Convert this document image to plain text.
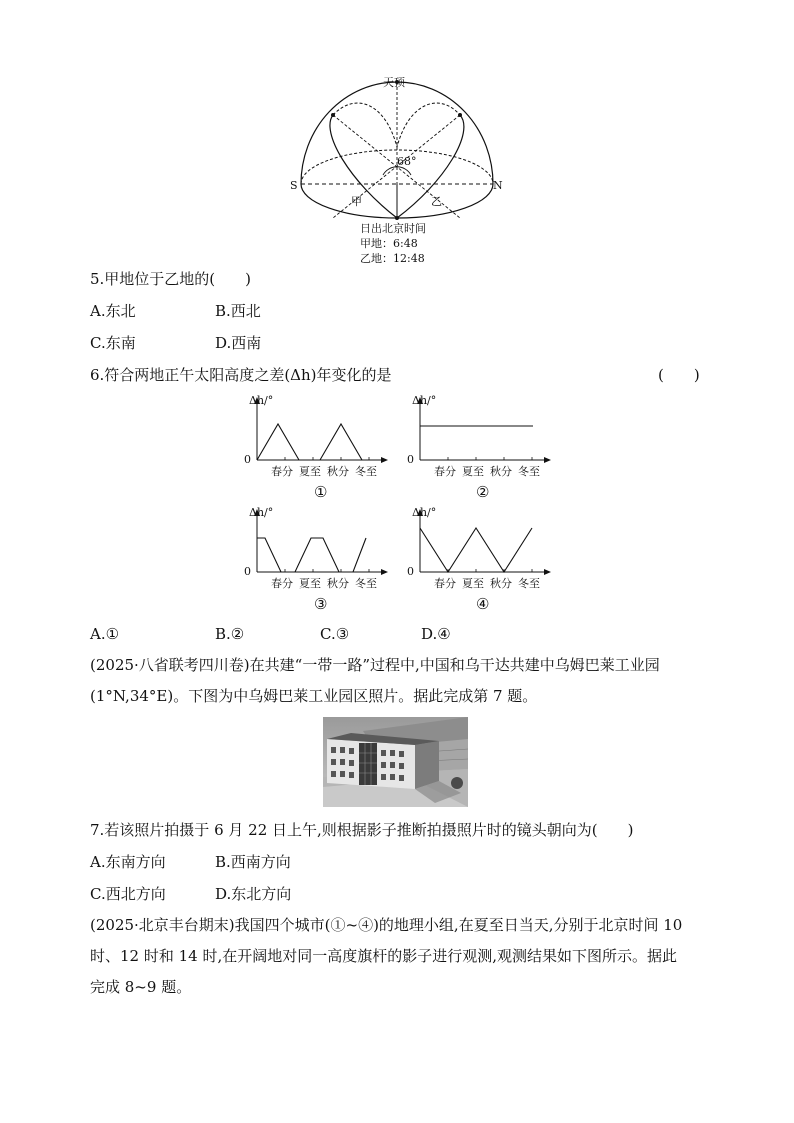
天顶
S	N
68°
甲	乙
日出北京时间
甲地：6:48
乙地：12:48
5.甲地位于乙地的(　　)
A.东北	B.西北
C.东南	D.西南
6.符合两地正午太阳高度之差(Δh)年变化的是	(　　)
Δh/°
0
春分 夏至 秋分 冬至
①
Δh/°
0
春分 夏至 秋分 冬至
②
Δh/°
0
春分 夏至 秋分 冬至
③
Δh/°
0
春分 夏至 秋分 冬至
④
A.①	B.②	C.③	D.④
(2025·八省联考四川卷)在共建“一带一路”过程中,中国和乌干达共建中乌姆巴莱工业园
(1°N,34°E)。下图为中乌姆巴莱工业园区照片。据此完成第 7 题。
7.若该照片拍摄于 6 月 22 日上午,则根据影子推断拍摄照片时的镜头朝向为(　　)
A.东南方向	B.西南方向
C.西北方向	D.东北方向
(2025·北京丰台期末)我国四个城市(①~④)的地理小组,在夏至日当天,分别于北京时间 10
时、12 时和 14 时,在开阔地对同一高度旗杆的影子进行观测,观测结果如下图所示。据此
完成 8~9 题。
